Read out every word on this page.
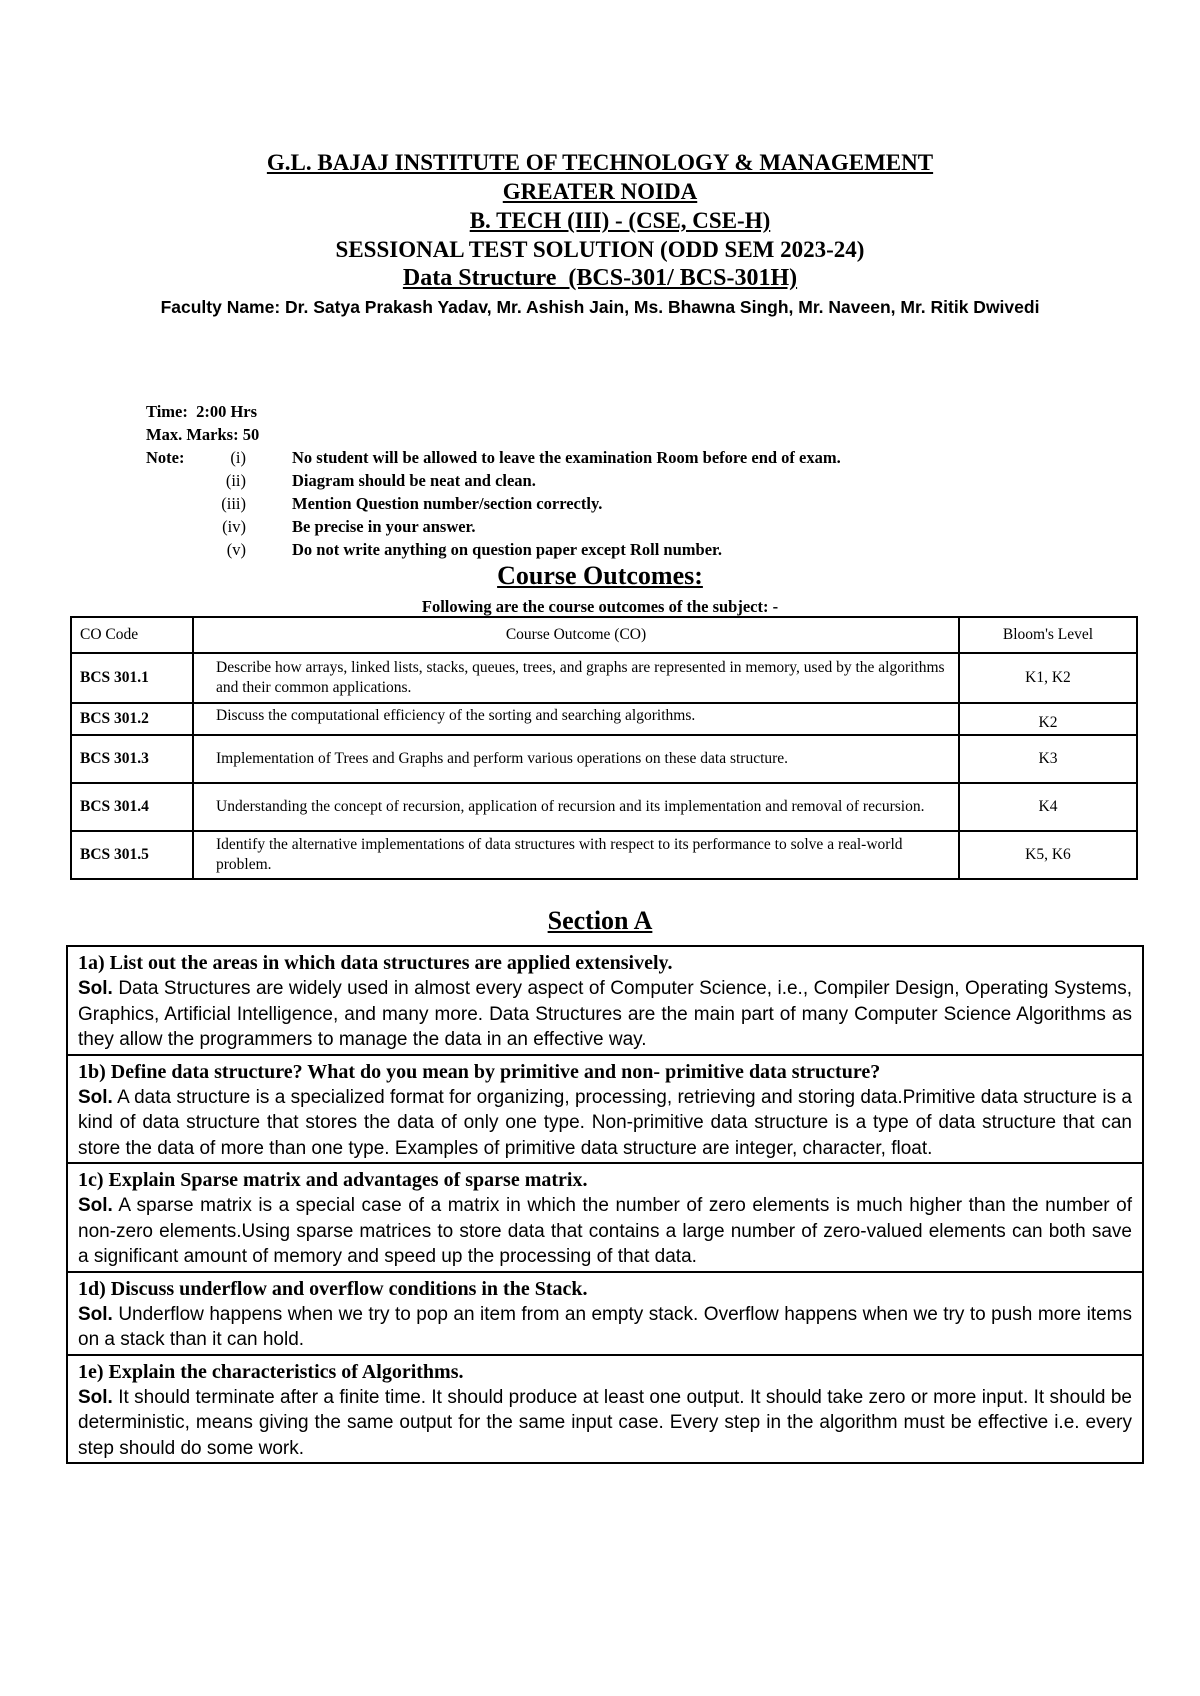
G.L. BAJAJ INSTITUTE OF TECHNOLOGY & MANAGEMENT
GREATER NOIDA
B. TECH (III) - (CSE, CSE-H)
SESSIONAL TEST SOLUTION (ODD SEM 2023-24)
Data Structure  (BCS-301/ BCS-301H)
Faculty Name: Dr. Satya Prakash Yadav, Mr. Ashish Jain, Ms. Bhawna Singh, Mr. Naveen, Mr. Ritik Dwivedi
Time:  2:00 Hrs
Max. Marks: 50
Note:	(i)	No student will be allowed to leave the examination Room before end of exam.
(ii)	Diagram should be neat and clean.
(iii)	Mention Question number/section correctly.
(iv)	Be precise in your answer.
(v)	Do not write anything on question paper except Roll number.
Course Outcomes:
Following are the course outcomes of the subject: -
CO Code	Course Outcome (CO)	Bloom's Level
BCS 301.1	Describe how arrays, linked lists, stacks, queues, trees, and graphs are represented in memory, used by the algorithms and their common applications.	K1, K2
BCS 301.2	Discuss the computational efficiency of the sorting and searching algorithms.	K2
BCS 301.3	Implementation of Trees and Graphs and perform various operations on these data structure.	K3
BCS 301.4	Understanding the concept of recursion, application of recursion and its implementation and removal of recursion.	K4
BCS 301.5	Identify the alternative implementations of data structures with respect to its performance to solve a real-world problem.	K5, K6
Section A
1a) List out the areas in which data structures are applied extensively.
Sol. Data Structures are widely used in almost every aspect of Computer Science, i.e., Compiler Design, Operating Systems, Graphics, Artificial Intelligence, and many more. Data Structures are the main part of many Computer Science Algorithms as they allow the programmers to manage the data in an effective way.
1b) Define data structure? What do you mean by primitive and non- primitive data structure?
Sol. A data structure is a specialized format for organizing, processing, retrieving and storing data.Primitive data structure is a kind of data structure that stores the data of only one type. Non-primitive data structure is a type of data structure that can store the data of more than one type. Examples of primitive data structure are integer, character, float.
1c) Explain Sparse matrix and advantages of sparse matrix.
Sol. A sparse matrix is a special case of a matrix in which the number of zero elements is much higher than the number of non-zero elements.Using sparse matrices to store data that contains a large number of zero-valued elements can both save a significant amount of memory and speed up the processing of that data.
1d) Discuss underflow and overflow conditions in the Stack.
Sol. Underflow happens when we try to pop an item from an empty stack. Overflow happens when we try to push more items on a stack than it can hold.
1e) Explain the characteristics of Algorithms.
Sol. It should terminate after a finite time. It should produce at least one output. It should take zero or more input. It should be deterministic, means giving the same output for the same input case. Every step in the algorithm must be effective i.e. every step should do some work.
